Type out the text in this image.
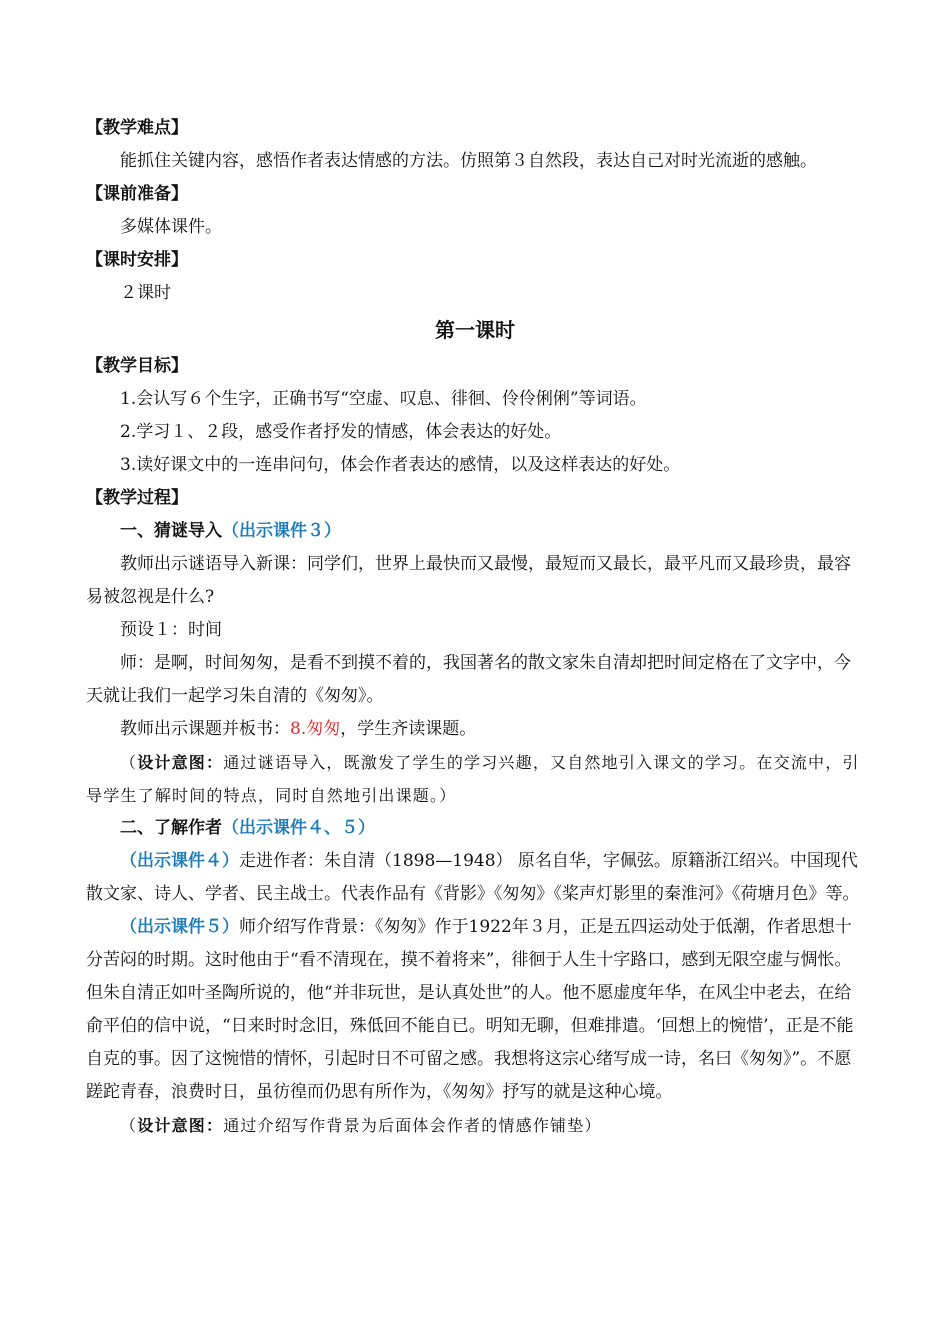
【教学难点】

能抓住关键内容，感悟作者表达情感的方法。仿照第３自然段，表达自己对时光流逝的感触。

【课前准备】

多媒体课件。

【课时安排】

２课时

第一课时
【教学目标】

1.会认写６个生字，正确书写“空虚、叹息、徘徊、伶伶俐俐”等词语。

2.学习１、２段，感受作者抒发的情感，体会表达的好处。

3.读好课文中的一连串问句，体会作者表达的感情，以及这样表达的好处。

【教学过程】

一、猜谜导入（出示课件３）

教师出示谜语导入新课：同学们，世界上最快而又最慢，最短而又最长，最平凡而又最珍贵，最容易被忽视是什么?

预设１：时间

师：是啊，时间匆匆，是看不到摸不着的，我国著名的散文家朱自清却把时间定格在了文字中，今天就让我们一起学习朱自清的《匆匆》。

教师出示课题并板书：8.匆匆，学生齐读课题。

（设计意图：通过谜语导入，既激发了学生的学习兴趣，又自然地引入课文的学习。在交流中，引导学生了解时间的特点，同时自然地引出课题。）

二、了解作者（出示课件４、５）

（出示课件４）走进作者：朱自清（1898—1948） 原名自华，字佩弦。原籍浙江绍兴。中国现代散文家、诗人、学者、民主战士。代表作品有《背影》《匆匆》《桨声灯影里的秦淮河》《荷塘月色》等。

（出示课件５）师介绍写作背景：《匆匆》作于1922年３月，正是五四运动处于低潮，作者思想十分苦闷的时期。这时他由于“看不清现在，摸不着将来”，徘徊于人生十字路口，感到无限空虚与惆怅。但朱自清正如叶圣陶所说的，他“并非玩世，是认真处世”的人。他不愿虚度年华，在风尘中老去，在给俞平伯的信中说，“日来时时念旧，殊低回不能自已。明知无聊，但难排遣。‘回想上的惋惜’，正是不能自克的事。因了这惋惜的情怀，引起时日不可留之感。我想将这宗心绪写成一诗，名曰《匆匆》”。不愿蹉跎青春，浪费时日，虽彷徨而仍思有所作为，《匆匆》抒写的就是这种心境。

（设计意图：通过介绍写作背景为后面体会作者的情感作铺垫）
